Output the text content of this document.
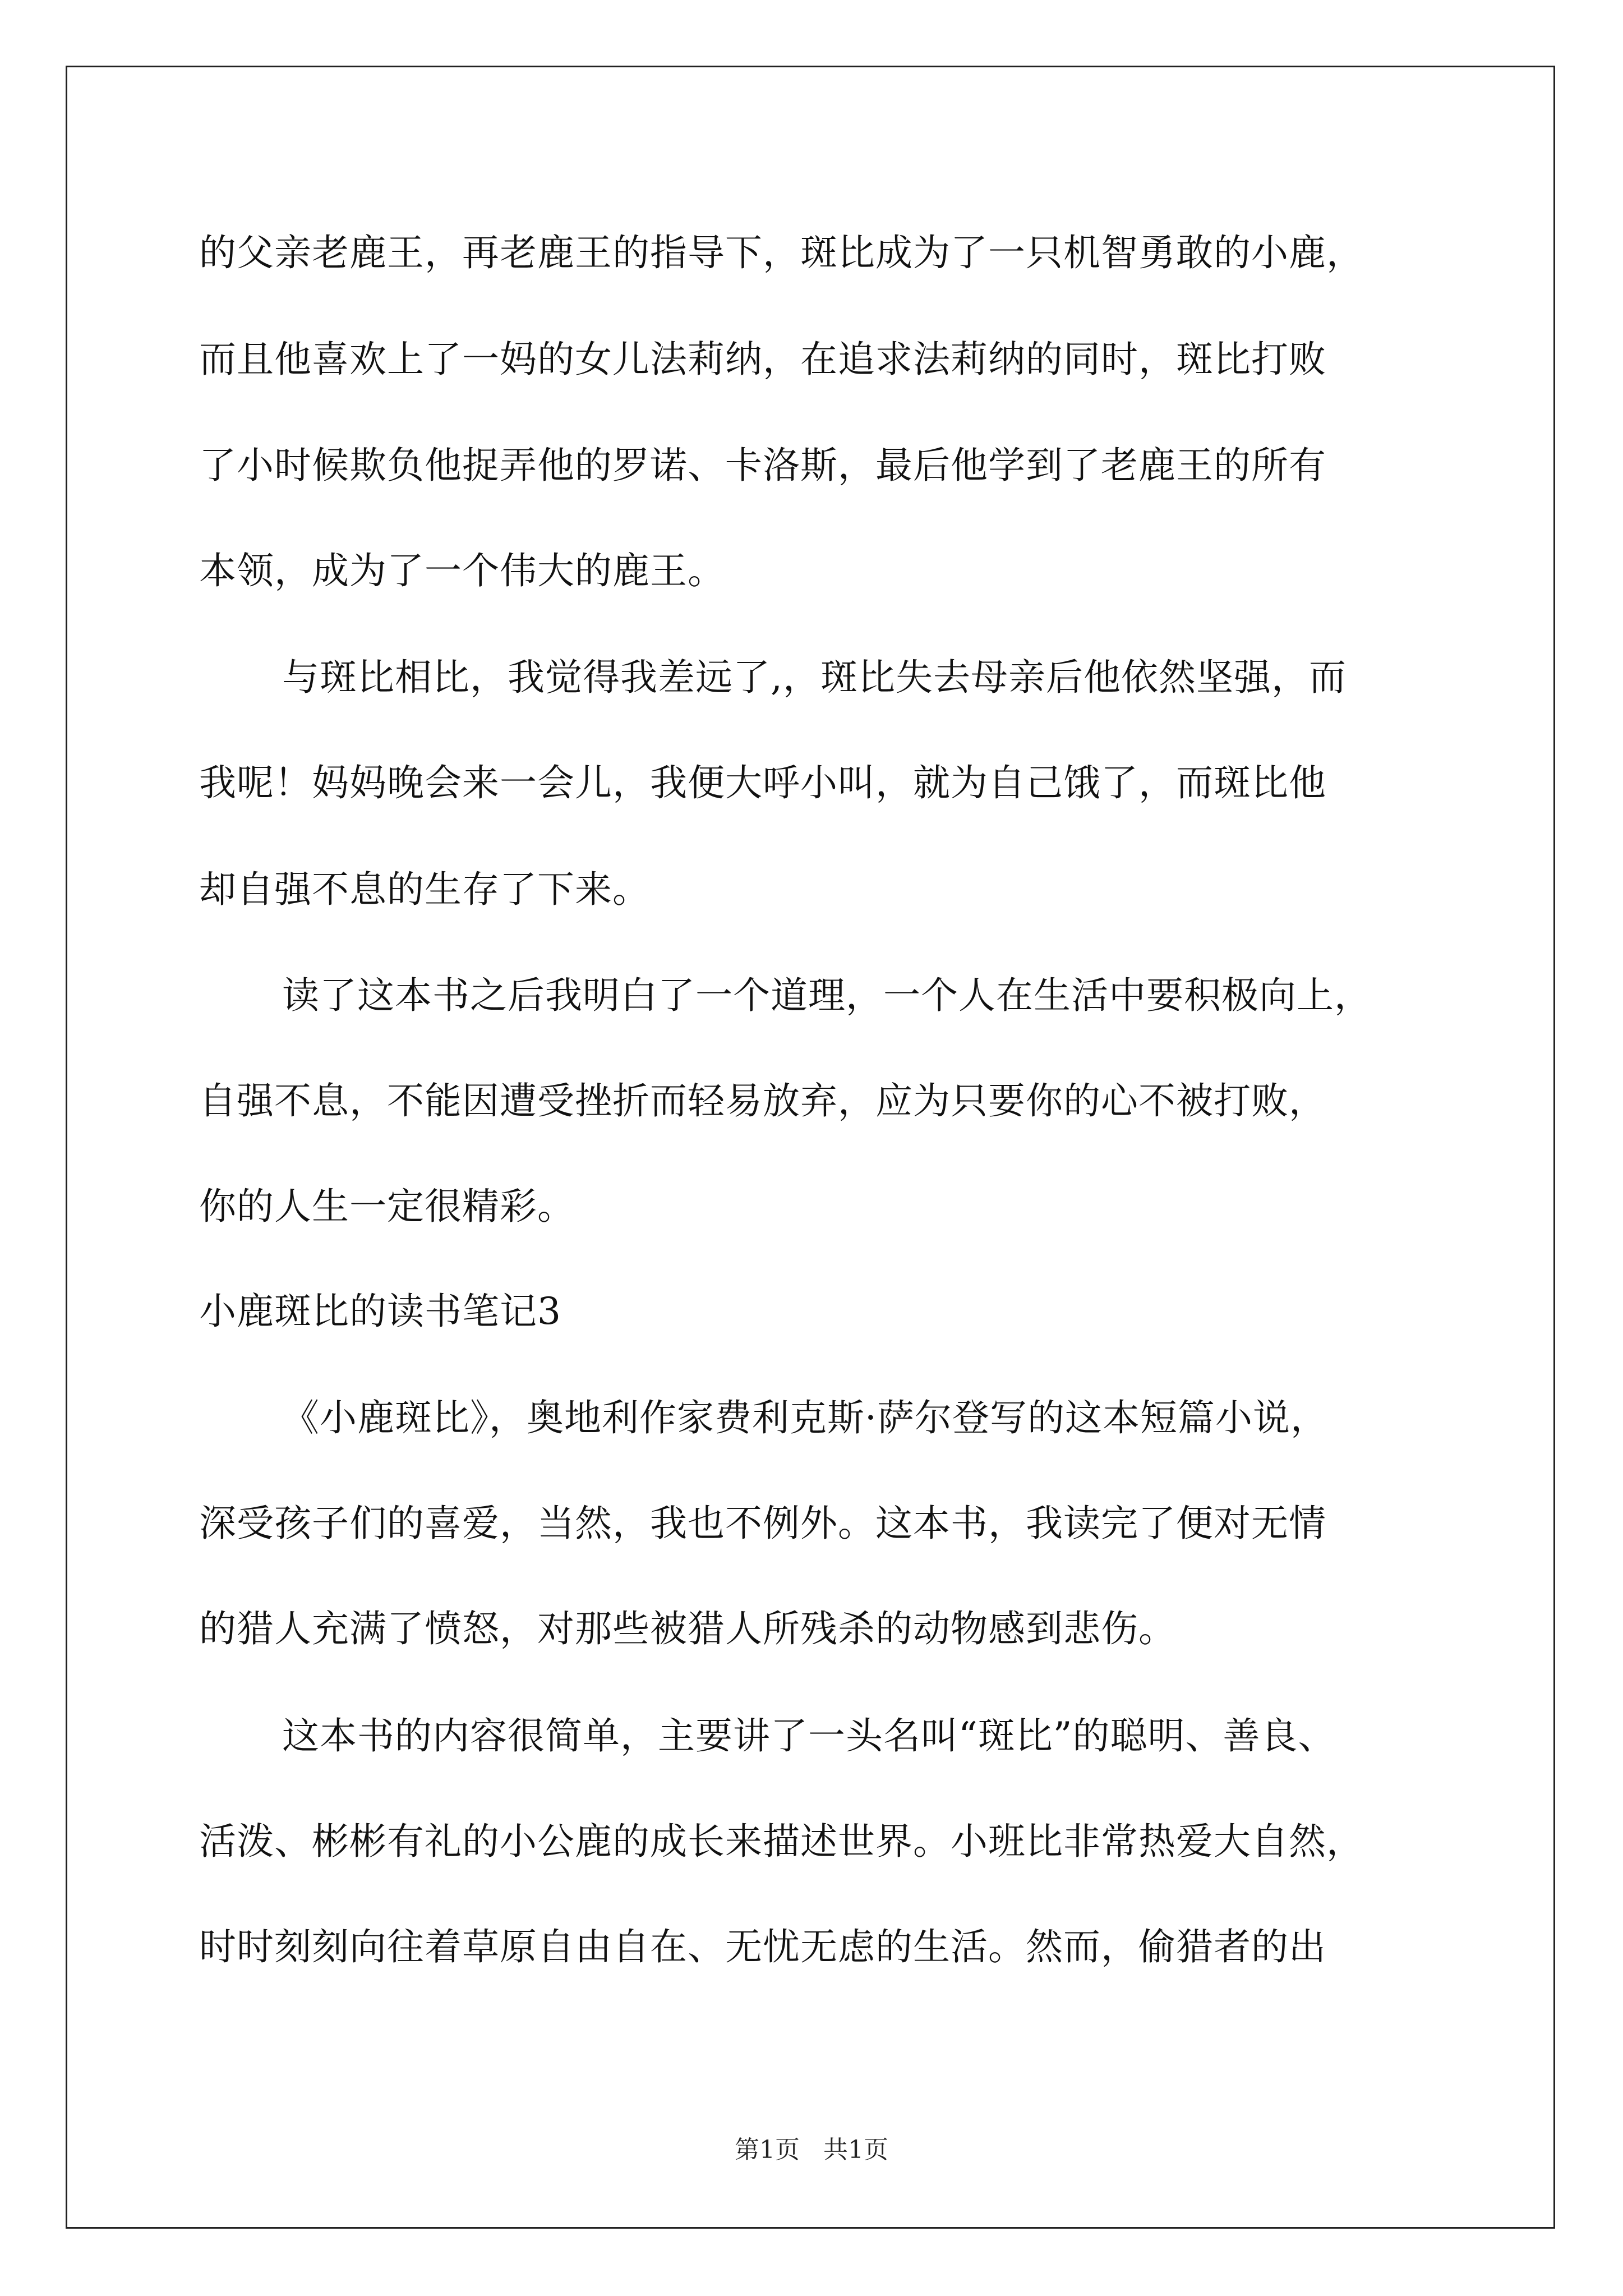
的父亲老鹿王，再老鹿王的指导下，斑比成为了一只机智勇敢的小鹿，
而且他喜欢上了一妈的女儿法莉纳，在追求法莉纳的同时，斑比打败
了小时候欺负他捉弄他的罗诺、卡洛斯，最后他学到了老鹿王的所有
本领，成为了一个伟大的鹿王。
与斑比相比，我觉得我差远了,，斑比失去母亲后他依然坚强，而
我呢！妈妈晚会来一会儿，我便大呼小叫，就为自己饿了，而斑比他
却自强不息的生存了下来。
读了这本书之后我明白了一个道理，一个人在生活中要积极向上，
自强不息，不能因遭受挫折而轻易放弃，应为只要你的心不被打败，
你的人生一定很精彩。
小鹿斑比的读书笔记3
《小鹿斑比》，奥地利作家费利克斯·萨尔登写的这本短篇小说，
深受孩子们的喜爱，当然，我也不例外。这本书，我读完了便对无情
的猎人充满了愤怒，对那些被猎人所残杀的动物感到悲伤。
这本书的内容很简单，主要讲了一头名叫“斑比”的聪明、善良、
活泼、彬彬有礼的小公鹿的成长来描述世界。小班比非常热爱大自然，
时时刻刻向往着草原自由自在、无忧无虑的生活。然而，偷猎者的出
第1页   共1页
